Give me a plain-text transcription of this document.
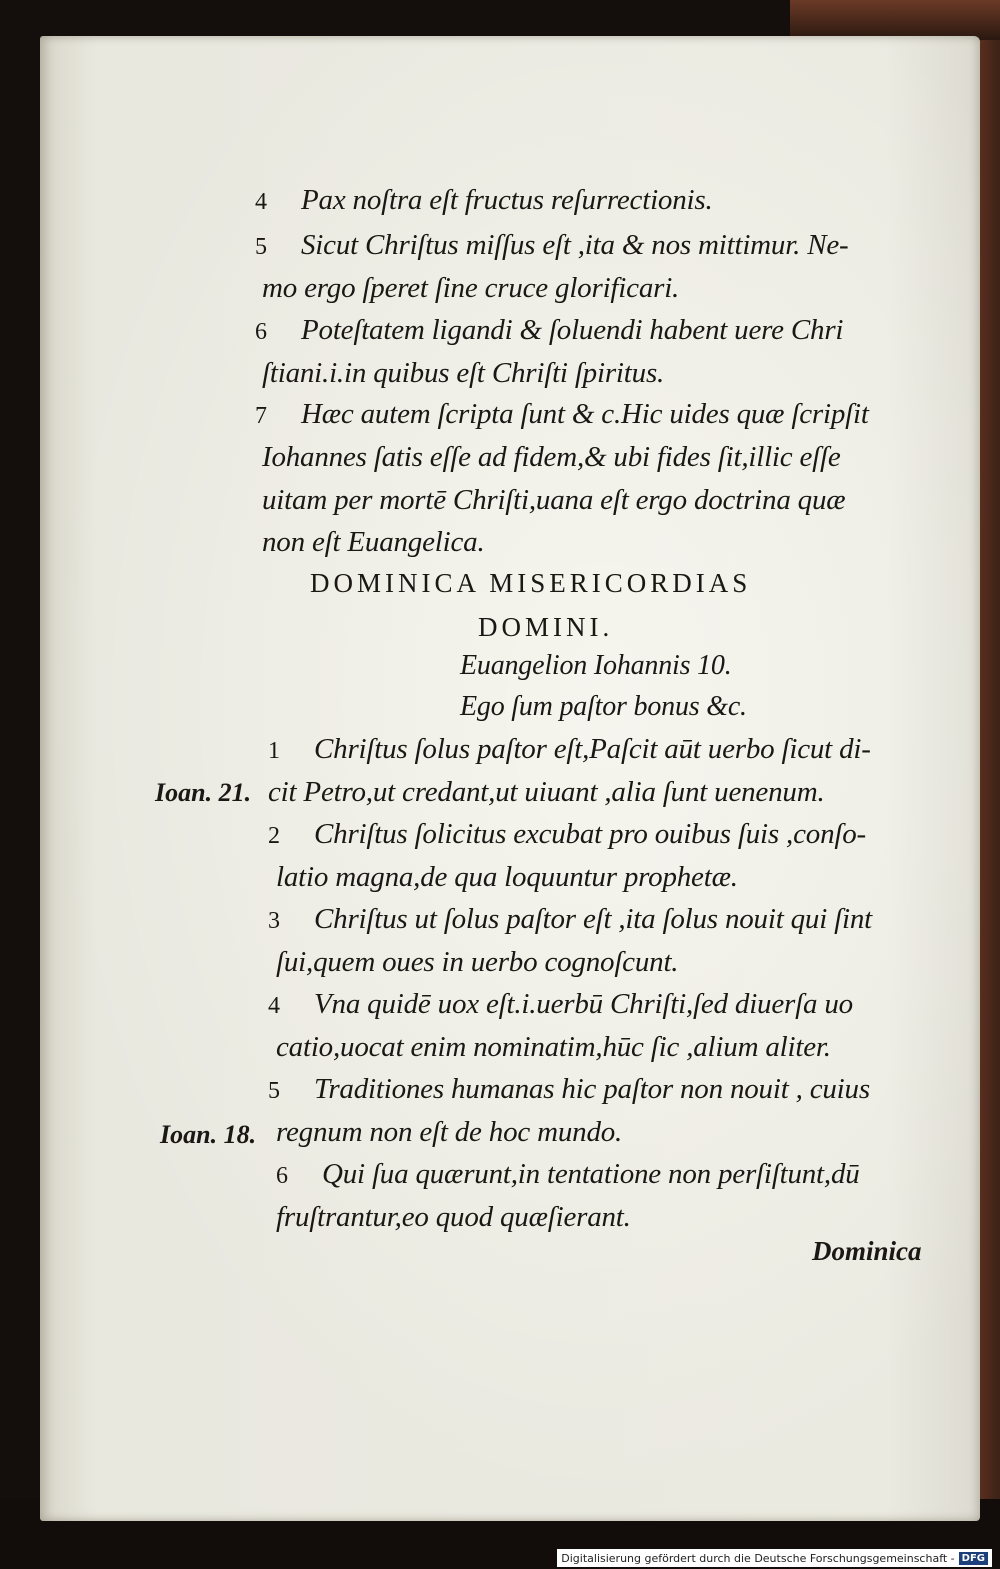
4 Pax noſtra eſt fructus reſurrectionis.
5 Sicut Chriſtus miſſus eſt ,ita & nos mittimur. Ne-
mo ergo ſperet ſine cruce glorificari.
6 Poteſtatem ligandi & ſoluendi habent uere Chri
ſtiani.i.in quibus eſt Chriſti ſpiritus.
7 Hæc autem ſcripta ſunt & c.Hic uides quæ ſcripſit
Iohannes ſatis eſſe ad fidem,& ubi fides ſit,illic eſſe
uitam per mortē Chriſti,uana eſt ergo doctrina quæ
non eſt Euangelica.
DOMINICA MISERICORDIAS
DOMINI.
Euangelion Iohannis 10.
Ego ſum paſtor bonus &c.
1 Chriſtus ſolus paſtor eſt,Paſcit aūt uerbo ſicut di-
Ioan. 21. cit Petro,ut credant,ut uiuant ,alia ſunt uenenum.
2 Chriſtus ſolicitus excubat pro ouibus ſuis ,conſo-
latio magna,de qua loquuntur prophetæ.
3 Chriſtus ut ſolus paſtor eſt ,ita ſolus nouit qui ſint
ſui,quem oues in uerbo cognoſcunt.
4 Vna quidē uox eſt.i.uerbū Chriſti,ſed diuerſa uo
catio,uocat enim nominatim,hūc ſic ,alium aliter.
5 Traditiones humanas hic paſtor non nouit , cuius
Ioan. 18. regnum non eſt de hoc mundo.
6 Qui ſua quærunt,in tentatione non perſiſtunt,dū
fruſtrantur,eo quod quæſierant.
Dominica
Digitalisierung gefördert durch die Deutsche Forschungsgemeinschaft - DFG
